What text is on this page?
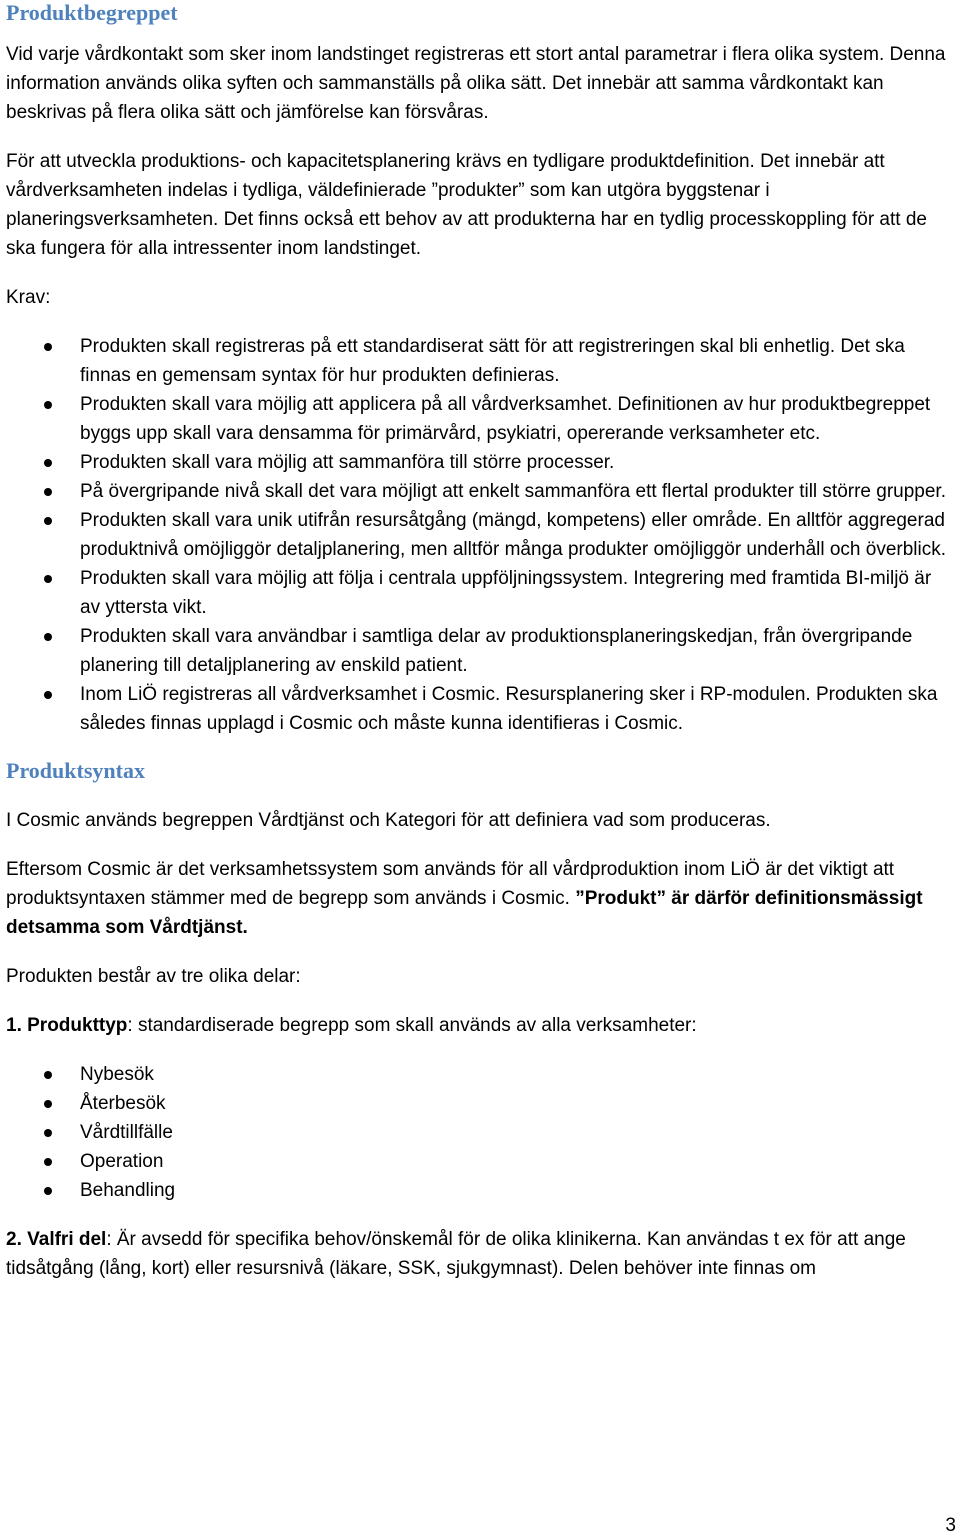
Produktbegreppet

Vid varje vårdkontakt som sker inom landstinget registreras ett stort antal parametrar i flera olika system. Denna information används olika syften och sammanställs på olika sätt. Det innebär att samma vårdkontakt kan beskrivas på flera olika sätt och jämförelse kan försvåras.

För att utveckla produktions- och kapacitetsplanering krävs en tydligare produktdefinition. Det innebär att vårdverksamheten indelas i tydliga, väldefinierade ”produkter” som kan utgöra byggstenar i planeringsverksamheten. Det finns också ett behov av att produkterna har en tydlig processkoppling för att de ska fungera för alla intressenter inom landstinget.

Krav:

Produkten skall registreras på ett standardiserat sätt för att registreringen skal bli enhetlig. Det ska finnas en gemensam syntax för hur produkten definieras.
Produkten skall vara möjlig att applicera på all vårdverksamhet. Definitionen av hur produktbegreppet byggs upp skall vara densamma för primärvård, psykiatri, opererande verksamheter etc.
Produkten skall vara möjlig att sammanföra till större processer.
På övergripande nivå skall det vara möjligt att enkelt sammanföra ett flertal produkter till större grupper.
Produkten skall vara unik utifrån resursåtgång (mängd, kompetens) eller område. En alltför aggregerad produktnivå omöjliggör detaljplanering, men alltför många produkter omöjliggör underhåll och överblick.
Produkten skall vara möjlig att följa i centrala uppföljningssystem. Integrering med framtida BI-miljö är av yttersta vikt.
Produkten skall vara användbar i samtliga delar av produktionsplaneringskedjan, från övergripande planering till detaljplanering av enskild patient.
Inom LiÖ registreras all vårdverksamhet i Cosmic. Resursplanering sker i RP-modulen. Produkten ska således finnas upplagd i Cosmic och måste kunna identifieras i Cosmic.
Produktsyntax

I Cosmic används begreppen Vårdtjänst och Kategori för att definiera vad som produceras.

Eftersom Cosmic är det verksamhetssystem som används för all vårdproduktion inom LiÖ är det viktigt att produktsyntaxen stämmer med de begrepp som används i Cosmic. ”Produkt” är därför definitionsmässigt detsamma som Vårdtjänst.

Produkten består av tre olika delar:

1. Produkttyp: standardiserade begrepp som skall används av alla verksamheter:

Nybesök
Återbesök
Vårdtillfälle
Operation
Behandling

2. Valfri del: Är avsedd för specifika behov/önskemål för de olika klinikerna. Kan användas t ex för att ange tidsåtgång (lång, kort) eller resursnivå (läkare, SSK, sjukgymnast). Delen behöver inte finnas om

3
